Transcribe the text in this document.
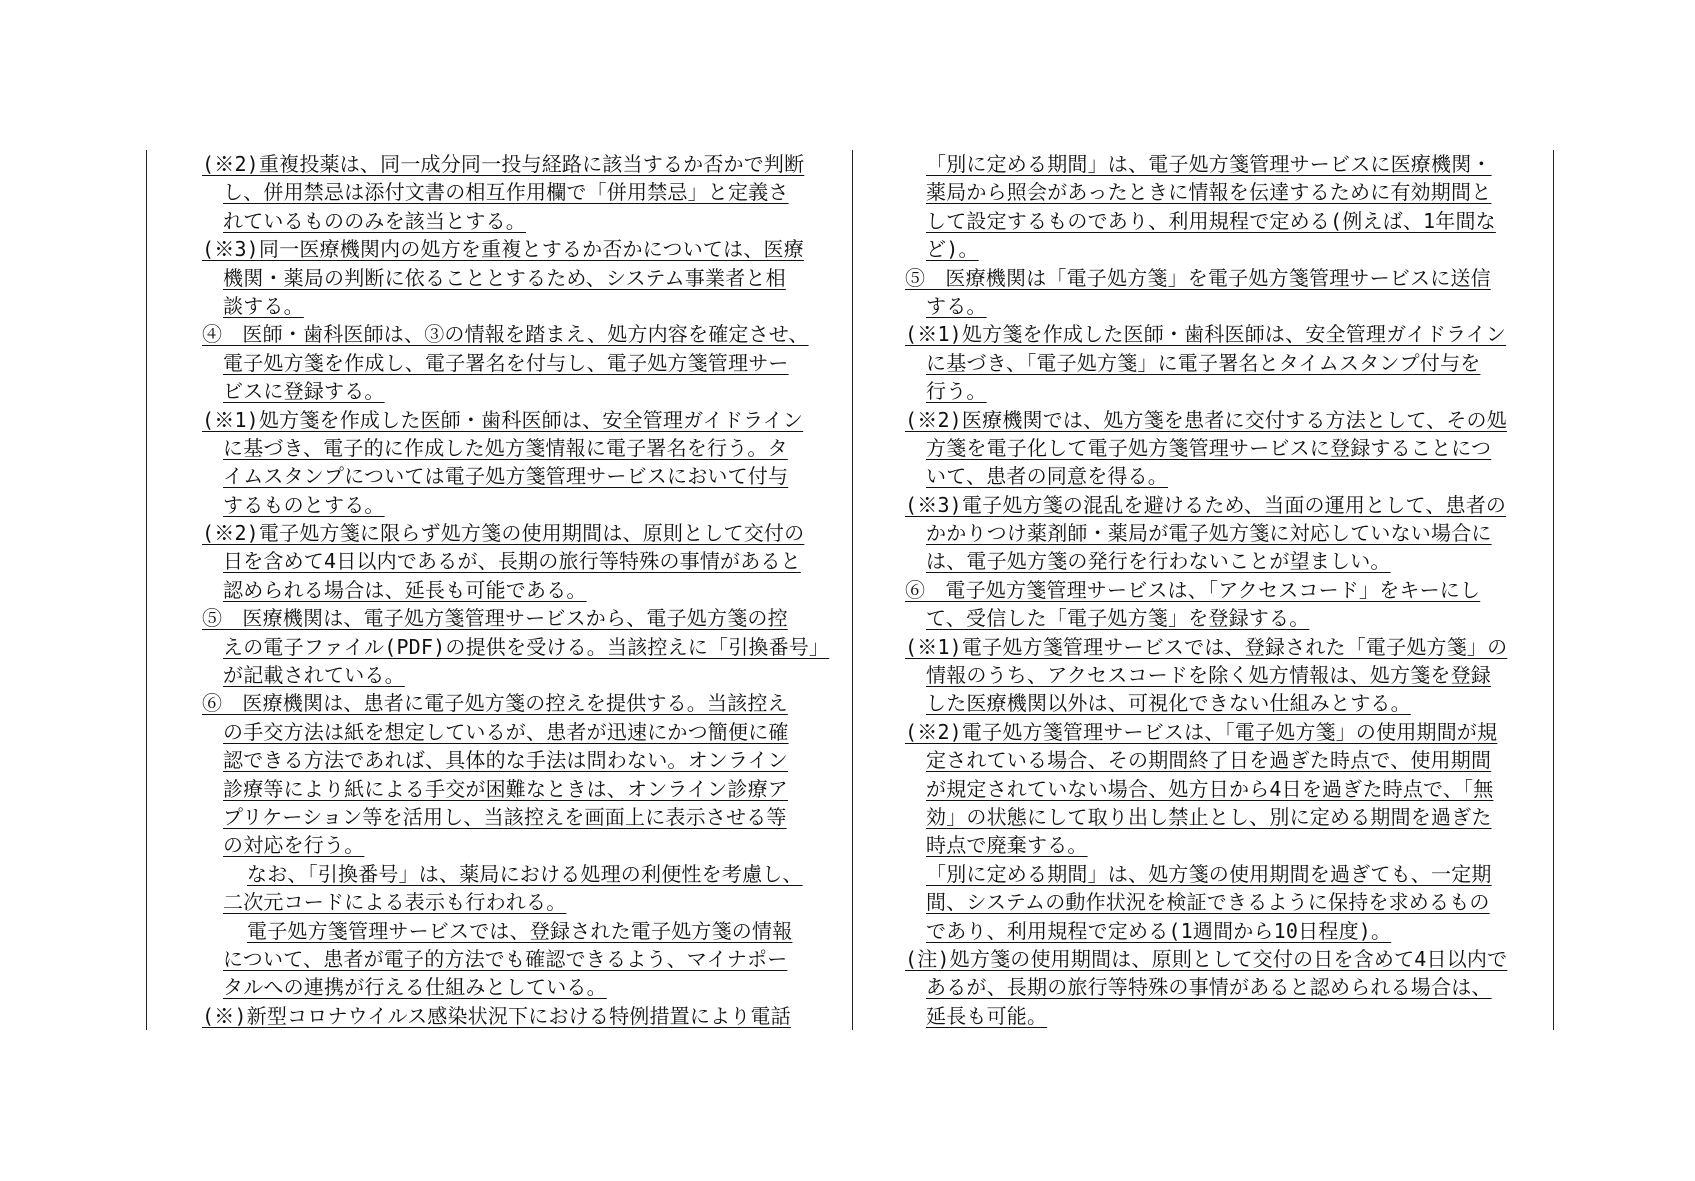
(※2)重複投薬は、同一成分同一投与経路に該当するか否かで判断
し、併用禁忌は添付文書の相互作用欄で「併用禁忌」と定義さ
れているもののみを該当とする。
(※3)同一医療機関内の処方を重複とするか否かについては、医療
機関・薬局の判断に依ることとするため、システム事業者と相
談する。
④　医師・歯科医師は、③の情報を踏まえ、処方内容を確定させ、
電子処方箋を作成し、電子署名を付与し、電子処方箋管理サー
ビスに登録する。
(※1)処方箋を作成した医師・歯科医師は、安全管理ガイドライン
に基づき、電子的に作成した処方箋情報に電子署名を行う。タ
イムスタンプについては電子処方箋管理サービスにおいて付与
するものとする。
(※2)電子処方箋に限らず処方箋の使用期間は、原則として交付の
日を含めて4日以内であるが、長期の旅行等特殊の事情があると
認められる場合は、延長も可能である。
⑤　医療機関は、電子処方箋管理サービスから、電子処方箋の控
えの電子ファイル(PDF)の提供を受ける。当該控えに「引換番号」
が記載されている。
⑥　医療機関は、患者に電子処方箋の控えを提供する。当該控え
の手交方法は紙を想定しているが、患者が迅速にかつ簡便に確
認できる方法であれば、具体的な手法は問わない。オンライン
診療等により紙による手交が困難なときは、オンライン診療ア
プリケーション等を活用し、当該控えを画面上に表示させる等
の対応を行う。
なお、「引換番号」は、薬局における処理の利便性を考慮し、
二次元コードによる表示も行われる。
電子処方箋管理サービスでは、登録された電子処方箋の情報
について、患者が電子的方法でも確認できるよう、マイナポー
タルへの連携が行える仕組みとしている。
(※)新型コロナウイルス感染状況下における特例措置により電話
「別に定める期間」は、電子処方箋管理サービスに医療機関・
薬局から照会があったときに情報を伝達するために有効期間と
して設定するものであり、利用規程で定める(例えば、1年間な
ど)。
⑤　医療機関は「電子処方箋」を電子処方箋管理サービスに送信
する。
(※1)処方箋を作成した医師・歯科医師は、安全管理ガイドライン
に基づき、「電子処方箋」に電子署名とタイムスタンプ付与を
行う。
(※2)医療機関では、処方箋を患者に交付する方法として、その処
方箋を電子化して電子処方箋管理サービスに登録することにつ
いて、患者の同意を得る。
(※3)電子処方箋の混乱を避けるため、当面の運用として、患者の
かかりつけ薬剤師・薬局が電子処方箋に対応していない場合に
は、電子処方箋の発行を行わないことが望ましい。
⑥　電子処方箋管理サービスは、「アクセスコード」をキーにし
て、受信した「電子処方箋」を登録する。
(※1)電子処方箋管理サービスでは、登録された「電子処方箋」の
情報のうち、アクセスコードを除く処方情報は、処方箋を登録
した医療機関以外は、可視化できない仕組みとする。
(※2)電子処方箋管理サービスは、「電子処方箋」の使用期間が規
定されている場合、その期間終了日を過ぎた時点で、使用期間
が規定されていない場合、処方日から4日を過ぎた時点で、「無
効」の状態にして取り出し禁止とし、別に定める期間を過ぎた
時点で廃棄する。
「別に定める期間」は、処方箋の使用期間を過ぎても、一定期
間、システムの動作状況を検証できるように保持を求めるもの
であり、利用規程で定める(1週間から10日程度)。
(注)処方箋の使用期間は、原則として交付の日を含めて4日以内で
あるが、長期の旅行等特殊の事情があると認められる場合は、
延長も可能。
